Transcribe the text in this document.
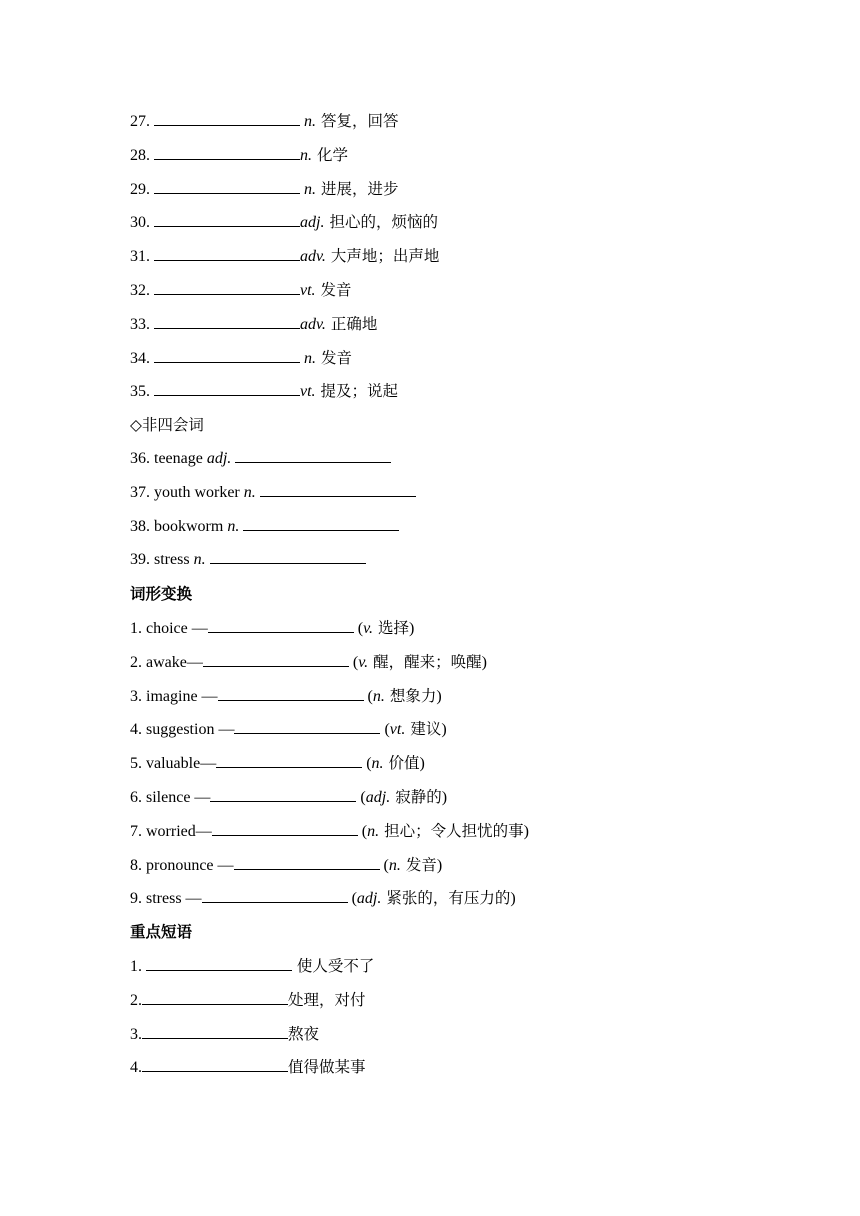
27.	n. 答复，回答
28.	n. 化学
29.	n. 进展，进步
30.	adj. 担心的，烦恼的
31.	adv. 大声地；出声地
32.	vt. 发音
33.	adv. 正确地
34.	n. 发音
35.	vt. 提及；说起
◇非四会词
36. teenage adj.
37. youth worker n.
38. bookworm n.
39. stress n.
词形变换
1. choice —	(v. 选择)
2. awake—	(v. 醒，醒来；唤醒)
3. imagine —	(n. 想象力)
4. suggestion —	(vt. 建议)
5. valuable—	(n. 价值)
6. silence —	(adj. 寂静的)
7. worried—	(n. 担心；令人担忧的事)
8. pronounce —	(n. 发音)
9. stress —	(adj. 紧张的，有压力的)
重点短语
1.	使人受不了
2.	处理，对付
3.	熬夜
4.	值得做某事
